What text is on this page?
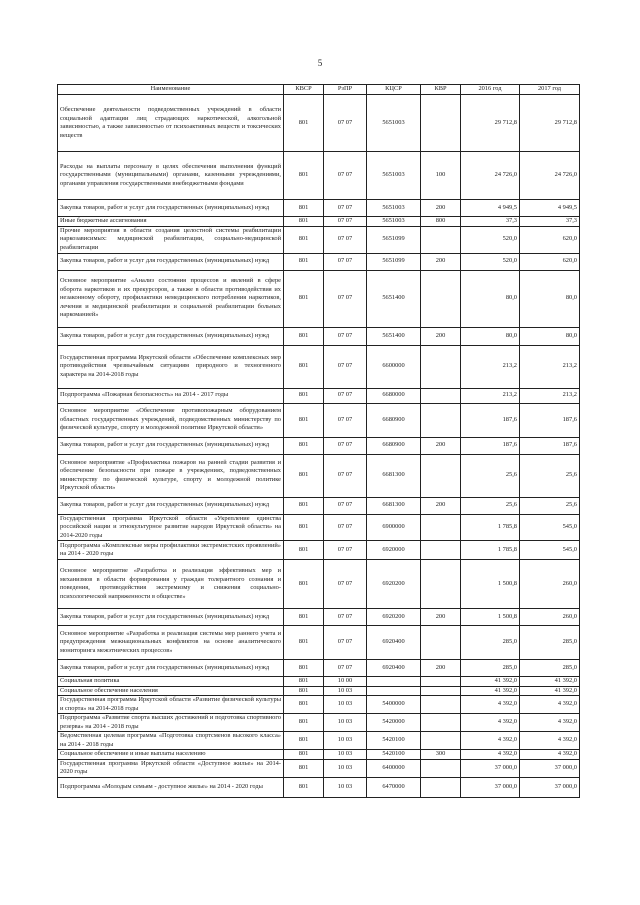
5
Наименование	КВСР	РзПР	КЦСР	КВР	2016 год	2017 год
Обеспечение деятельности подведомственных учреждений в области социальной адаптации лиц страдающих наркотической, алкогольной зависимостью, а также зависимостью от психоактивных веществ и токсических веществ	801	07 07	5651003		29 712,8	29 712,8
Расходы на выплаты персоналу в целях обеспечения выполнения функций государственными (муниципальными) органами, казенными учреждениями, органами управления государственными внебюджетными фондами	801	07 07	5651003	100	24 726,0	24 726,0
Закупка товаров, работ и услуг для государственных (муниципальных) нужд	801	07 07	5651003	200	4 949,5	4 949,5
Иные бюджетные ассигнования	801	07 07	5651003	800	37,3	37,3
Прочие мероприятия в области создания целостной системы реабилитации наркозависимых: медицинской реабилитации, социально-медицинской реабилитации	801	07 07	5651099		520,0	620,0
Закупка товаров, работ и услуг для государственных (муниципальных) нужд	801	07 07	5651099	200	520,0	620,0
Основное мероприятие «Анализ состояния процессов и явлений в сфере оборота наркотиков и их прекурсоров, а также в области противодействия их незаконному обороту, профилактики немедицинского потребления наркотиков, лечения и медицинской реабилитации и социальной реабилитации больных наркоманией»	801	07 07	5651400		80,0	80,0
Закупка товаров, работ и услуг для государственных (муниципальных) нужд	801	07 07	5651400	200	80,0	80,0
Государственная программа Иркутской области «Обеспечение комплексных мер противодействия чрезвычайным ситуациям природного и техногенного характера на 2014-2018 годы	801	07 07	6600000		213,2	213,2
Подпрограмма «Пожарная безопасность» на 2014 - 2017 годы	801	07 07	6680000		213,2	213,2
Основное мероприятие «Обеспечение противопожарным оборудованием областных государственных учреждений, подведомственных министерству по физической культуре, спорту и молодежной политике Иркутской области»	801	07 07	6680900		187,6	187,6
Закупка товаров, работ и услуг для государственных (муниципальных) нужд	801	07 07	6680900	200	187,6	187,6
Основное мероприятие «Профилактика пожаров на ранней стадии развития и обеспечение безопасности при пожаре в учреждениях, подведомственных министерству по физической культуре, спорту и молодежной политике Иркутской области»	801	07 07	6681300		25,6	25,6
Закупка товаров, работ и услуг для государственных (муниципальных) нужд	801	07 07	6681300	200	25,6	25,6
Государственная программа Иркутской области «Укрепление единства российской нации и этнокультурное развитие народов Иркутской области» на 2014-2020 годы	801	07 07	6900000		1 785,8	545,0
Подпрограмма «Комплексные меры профилактики экстремистских проявлений» на 2014 - 2020 годы	801	07 07	6920000		1 785,8	545,0
Основное мероприятие «Разработка и реализация эффективных мер и механизмов в области формирования у граждан толерантного сознания и поведения, противодействия экстремизму и снижения социально-психологической напряженности в обществе»	801	07 07	6920200		1 500,8	260,0
Закупка товаров, работ и услуг для государственных (муниципальных) нужд	801	07 07	6920200	200	1 500,8	260,0
Основное мероприятие «Разработка и реализация системы мер раннего учета и предупреждения межнациональных конфликтов на основе аналитического мониторинга межэтнических процессов»	801	07 07	6920400		285,0	285,0
Закупка товаров, работ и услуг для государственных (муниципальных) нужд	801	07 07	6920400	200	285,0	285,0
Социальная политика	801	10 00			41 392,0	41 392,0
Социальное обеспечение населения	801	10 03			41 392,0	41 392,0
Государственная программа Иркутской области «Развитие физической культуры и спорта» на 2014-2018 годы	801	10 03	5400000		4 392,0	4 392,0
Подпрограмма «Развитие спорта высших достижений и подготовка спортивного резерва» на 2014 - 2018 годы	801	10 03	5420000		4 392,0	4 392,0
Ведомственная целевая программа «Подготовка спортсменов высокого класса» на 2014 - 2018 годы	801	10 03	5420100		4 392,0	4 392,0
Социальное обеспечение и иные выплаты населению	801	10 03	5420100	300	4 392,0	4 392,0
Государственная программа Иркутской области «Доступное жилье» на 2014-2020 годы	801	10 03	6400000		37 000,0	37 000,0
Подпрограмма «Молодым семьям - доступное жилье» на 2014 - 2020 годы	801	10 03	6470000		37 000,0	37 000,0
